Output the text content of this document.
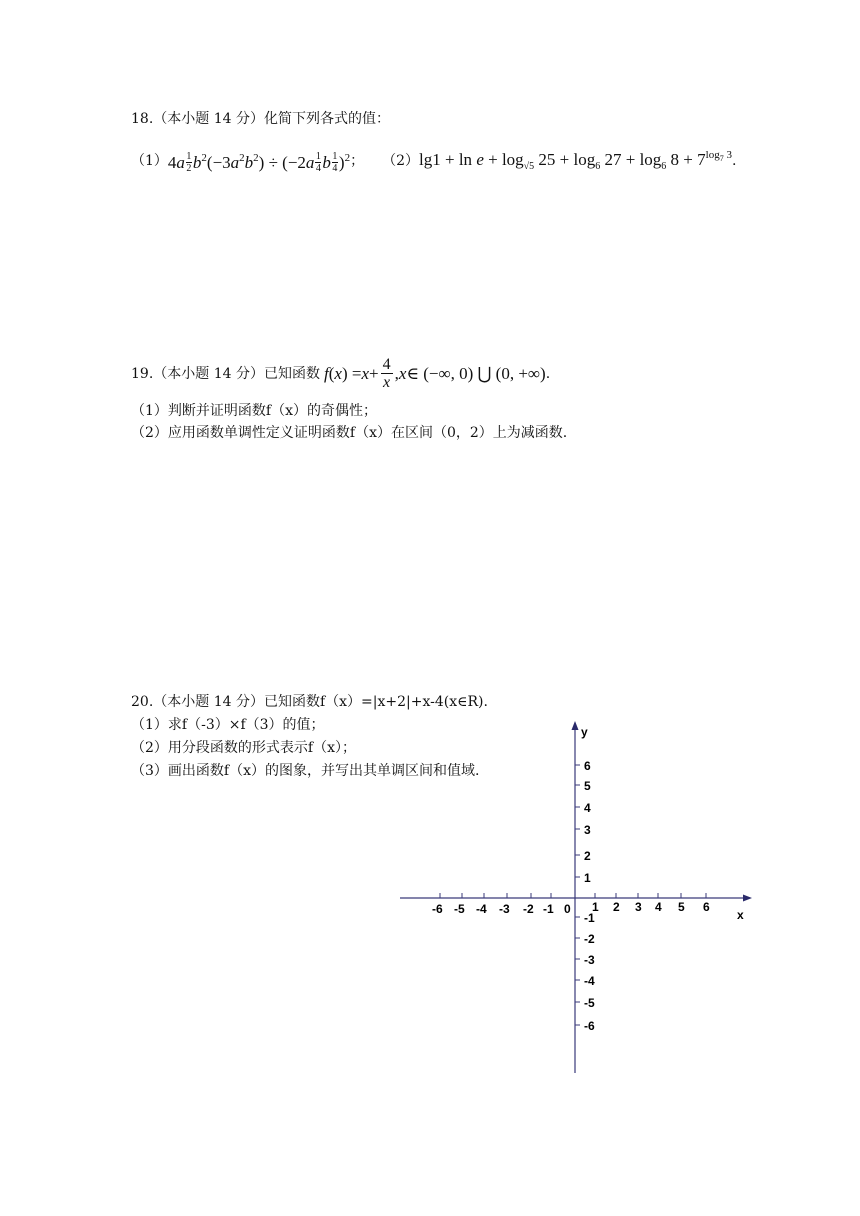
18.（本小题 14 分）化简下列各式的值：
（1） 4a $^{\frac{1}{2}}$ $b^2(-3a^2b^2) \div (-2a$ $^{\frac{1}{4}}$ b $^{\frac{1}{4}}$ )$^2$ ； （2） $\lg 1 + \ln e + \log_{√5} 25 + \log_6 27 + \log_6 8 + 7^{log_7 3}$ .
19.（本小题 14 分）已知函数 f ( x ) = $x + \frac{4}{x}$ , x ∈ (−∞, 0) ⋃ (0, +∞) .
（1）判断并证明函数f（x）的奇偶性；
（2）应用函数单调性定义证明函数f（x）在区间（0，2）上为减函数.
20.（本小题 14 分）已知函数f（x）=|x+2|+x-4(x∈R).
（1）求f（-3）×f（3）的值；
（2）用分段函数的形式表示f（x）；
（3）画出函数f（x）的图象，并写出其单调区间和值域.
-6 -5 -4 -3 -2 -1	1 2 3 4 5 6
6
5
4
3
2
1
-1
-2
-3
-4
-5
-6
y
x
0
